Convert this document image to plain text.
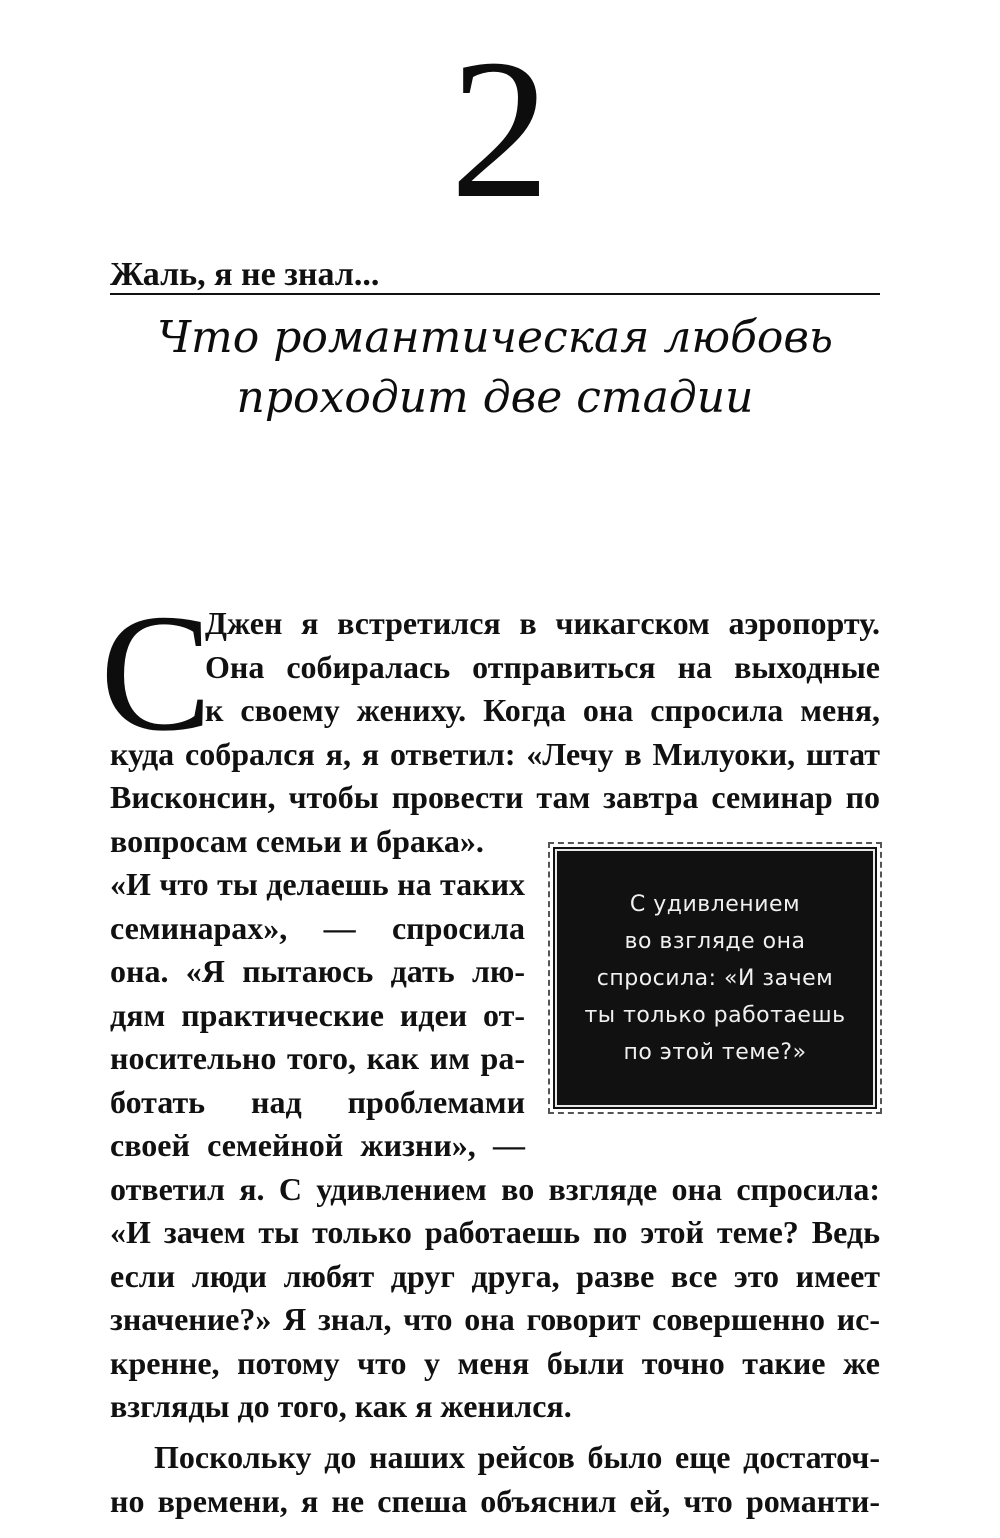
2
Жаль, я не знал...
Что романтическая любовь
проходит две стадии
С
Джен я встретился в чикагском аэропорту.
Она собиралась отправиться на выходные
к своему жениху. Когда она спросила меня,
куда собрался я, я ответил: «Лечу в Милуоки, штат
Висконсин, чтобы провести там завтра семинар по
вопросам семьи и брака».
«И что ты делаешь на таких
семинарах», — спросила
она. «Я пытаюсь дать лю-
дям практические идеи от-
носительно того, как им ра-
ботать над проблемами
своей семейной жизни», —
С удивлением
во взгляде она
спросила: «И зачем
ты только работаешь
по этой теме?»
ответил я. С удивлением во взгляде она спросила:
«И зачем ты только работаешь по этой теме? Ведь
если люди любят друг друга, разве все это имеет
значение?» Я знал, что она говорит совершенно ис-
кренне, потому что у меня были точно такие же
взгляды до того, как я женился.
Поскольку до наших рейсов было еще достаточ-
но времени, я не спеша объяснил ей, что романти-
